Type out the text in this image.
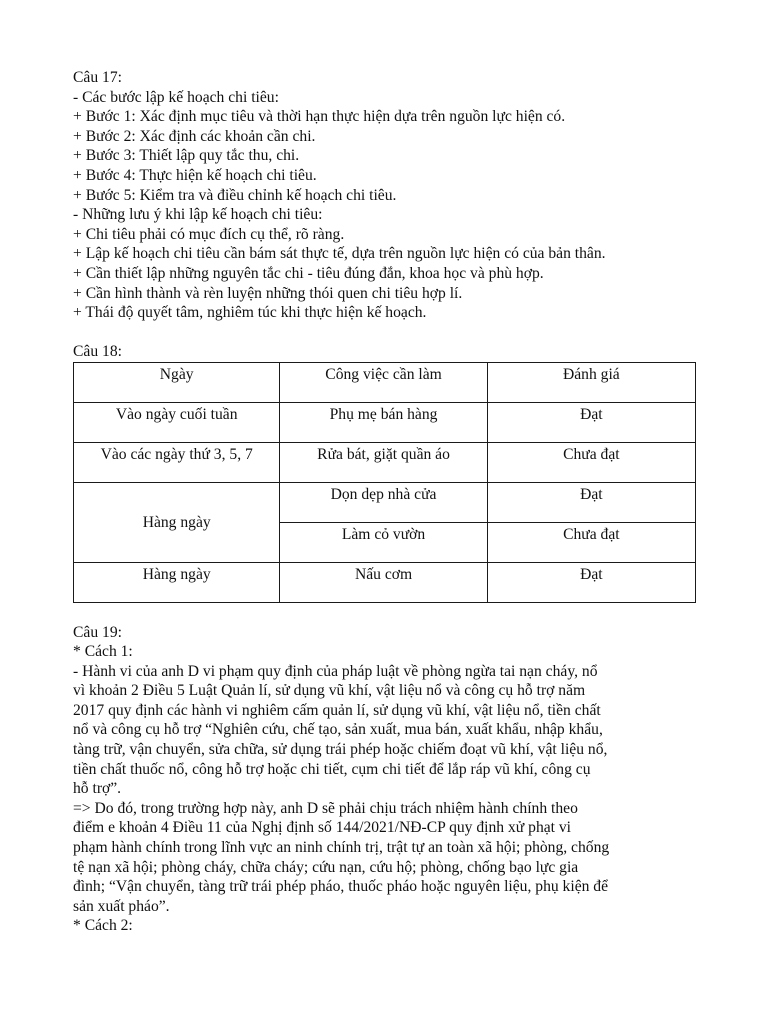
Câu 17:
- Các bước lập kế hoạch chi tiêu:
+ Bước 1: Xác định mục tiêu và thời hạn thực hiện dựa trên nguồn lực hiện có.
+ Bước 2: Xác định các khoản cần chi.
+ Bước 3: Thiết lập quy tắc thu, chi.
+ Bước 4: Thực hiện kế hoạch chi tiêu.
+ Bước 5: Kiểm tra và điều chỉnh kế hoạch chi tiêu.
- Những lưu ý khi lập kế hoạch chi tiêu:
+ Chi tiêu phải có mục đích cụ thể, rõ ràng.
+ Lập kế hoạch chi tiêu cần bám sát thực tế, dựa trên nguồn lực hiện có của bản thân.
+ Cần thiết lập những nguyên tắc chi - tiêu đúng đắn, khoa học và phù hợp.
+ Cần hình thành và rèn luyện những thói quen chi tiêu hợp lí.
+ Thái độ quyết tâm, nghiêm túc khi thực hiện kế hoạch.
Câu 18:
Ngày	Công việc cần làm	Đánh giá
Vào ngày cuối tuần	Phụ mẹ bán hàng	Đạt
Vào các ngày thứ 3, 5, 7	Rửa bát, giặt quần áo	Chưa đạt
Hàng ngày	Dọn dẹp nhà cửa	Đạt
	Làm cỏ vườn	Chưa đạt
Hàng ngày	Nấu cơm	Đạt
Câu 19:
* Cách 1:
- Hành vi của anh D vi phạm quy định của pháp luật về phòng ngừa tai nạn cháy, nổ
vì khoản 2 Điều 5 Luật Quản lí, sử dụng vũ khí, vật liệu nổ và công cụ hỗ trợ năm
2017 quy định các hành vi nghiêm cấm quản lí, sử dụng vũ khí, vật liệu nổ, tiền chất
nổ và công cụ hỗ trợ “Nghiên cứu, chế tạo, sản xuất, mua bán, xuất khẩu, nhập khẩu,
tàng trữ, vận chuyển, sửa chữa, sử dụng trái phép hoặc chiếm đoạt vũ khí, vật liệu nổ,
tiền chất thuốc nổ, công hỗ trợ hoặc chi tiết, cụm chi tiết để lắp ráp vũ khí, công cụ
hỗ trợ”.
=> Do đó, trong trường hợp này, anh D sẽ phải chịu trách nhiệm hành chính theo
điểm e khoản 4 Điều 11 của Nghị định số 144/2021/NĐ-CP quy định xử phạt vi
phạm hành chính trong lĩnh vực an ninh chính trị, trật tự an toàn xã hội; phòng, chống
tệ nạn xã hội; phòng cháy, chữa cháy; cứu nạn, cứu hộ; phòng, chống bạo lực gia
đình; “Vận chuyển, tàng trữ trái phép pháo, thuốc pháo hoặc nguyên liệu, phụ kiện để
sản xuất pháo”.
* Cách 2:
